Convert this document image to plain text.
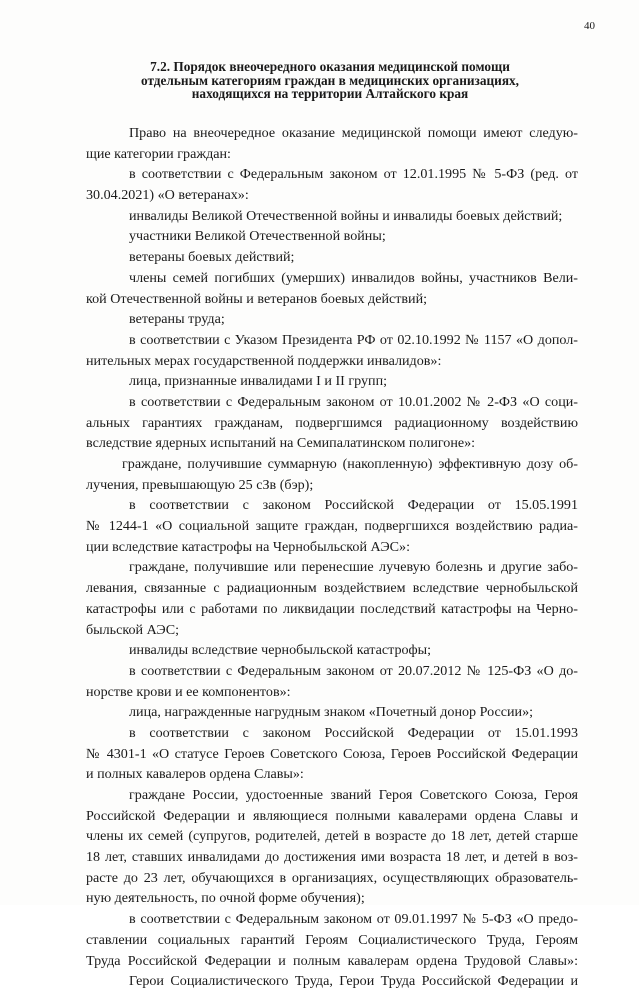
40
7.2. Порядок внеочередного оказания медицинской помощи
отдельным категориям граждан в медицинских организациях,
находящихся на территории Алтайского края
Право на внеочередное оказание медицинской помощи имеют следую-
щие категории граждан:
в соответствии с Федеральным законом от 12.01.1995 № 5-ФЗ (ред. от
30.04.2021) «О ветеранах»:
инвалиды Великой Отечественной войны и инвалиды боевых действий;
участники Великой Отечественной войны;
ветераны боевых действий;
члены семей погибших (умерших) инвалидов войны, участников Вели-
кой Отечественной войны и ветеранов боевых действий;
ветераны труда;
в соответствии с Указом Президента РФ от 02.10.1992 № 1157 «О допол-
нительных мерах государственной поддержки инвалидов»:
лица, признанные инвалидами I и II групп;
в соответствии с Федеральным законом от 10.01.2002 № 2-ФЗ «О соци-
альных гарантиях гражданам, подвергшимся радиационному воздействию
вследствие ядерных испытаний на Семипалатинском полигоне»:
граждане, получившие суммарную (накопленную) эффективную дозу об-
лучения, превышающую 25 сЗв (бэр);
в соответствии с законом Российской Федерации от 15.05.1991
№ 1244-1 «О социальной защите граждан, подвергшихся воздействию радиа-
ции вследствие катастрофы на Чернобыльской АЭС»:
граждане, получившие или перенесшие лучевую болезнь и другие забо-
левания, связанные с радиационным воздействием вследствие чернобыльской
катастрофы или с работами по ликвидации последствий катастрофы на Черно-
быльской АЭС;
инвалиды вследствие чернобыльской катастрофы;
в соответствии с Федеральным законом от 20.07.2012 № 125-ФЗ «О до-
норстве крови и ее компонентов»:
лица, награжденные нагрудным знаком «Почетный донор России»;
в соответствии с законом Российской Федерации от 15.01.1993
№ 4301-1 «О статусе Героев Советского Союза, Героев Российской Федерации
и полных кавалеров ордена Славы»:
граждане России, удостоенные званий Героя Советского Союза, Героя
Российской Федерации и являющиеся полными кавалерами ордена Славы и
члены их семей (супругов, родителей, детей в возрасте до 18 лет, детей старше
18 лет, ставших инвалидами до достижения ими возраста 18 лет, и детей в воз-
расте до 23 лет, обучающихся в организациях, осуществляющих образователь-
ную деятельность, по очной форме обучения);
в соответствии с Федеральным законом от 09.01.1997 № 5-ФЗ «О предо-
ставлении социальных гарантий Героям Социалистического Труда, Героям
Труда Российской Федерации и полным кавалерам ордена Трудовой Славы»:
Герои Социалистического Труда, Герои Труда Российской Федерации и
